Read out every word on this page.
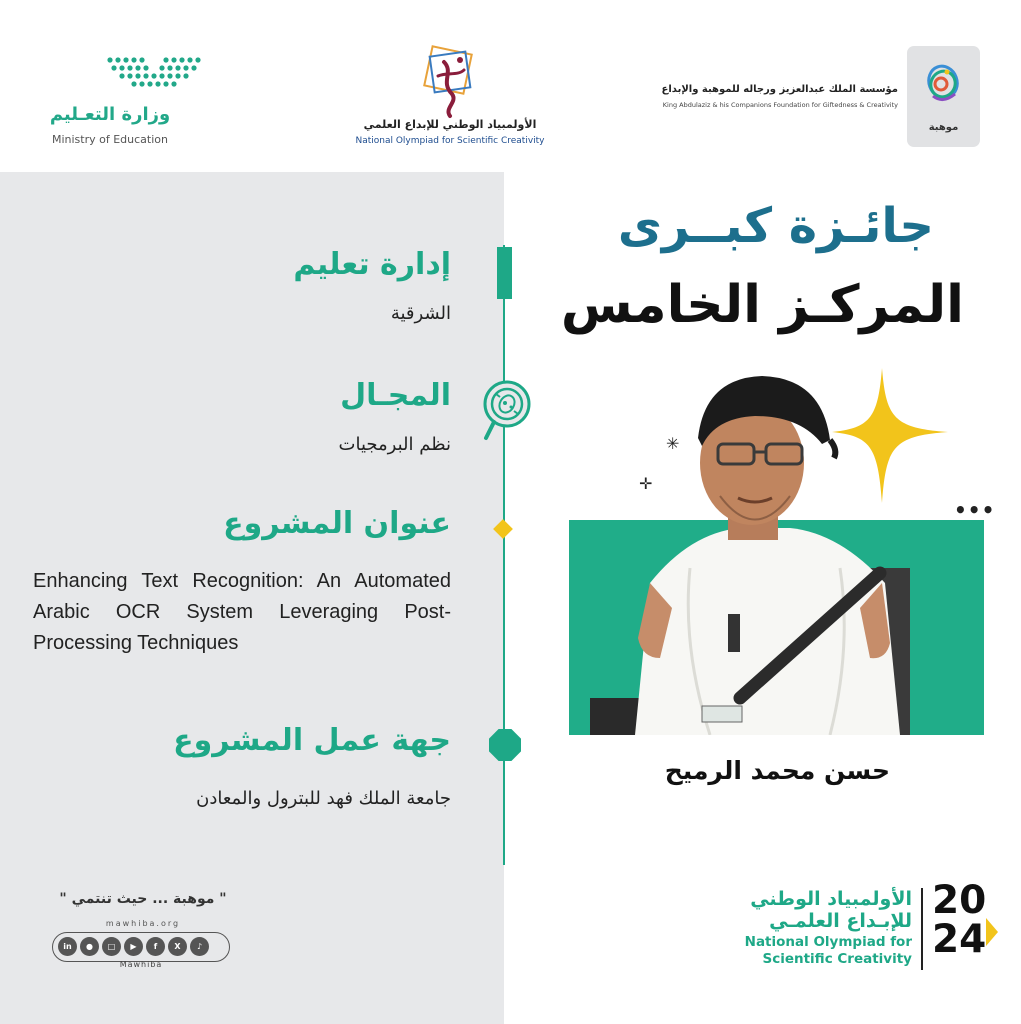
وزارة التعـليم
Ministry of Education
الأولمبياد الوطني للإبداع العلمي
National Olympiad for Scientific Creativity
مؤسسة الملك عبدالعزيز ورجاله للموهبة والإبداع
King Abdulaziz & his Companions Foundation for Giftedness & Creativity
موهبة
إدارة تعليم
الشرقية
المجـال
نظم البرمجيات
عنوان المشروع
Enhancing Text Recognition: An Automated Arabic OCR System Leveraging Post-Processing Techniques
جهة عمل المشروع
جامعة الملك فهد للبترول والمعادن
" موهبة ... حيث تنتمي "
mawhiba.org
in	●	□	▶	f	X	♪
Mawhiba
جائـزة كبــرى
المركـز الخامس
✳
✛
•••
حسن محمد الرميح
الأولمبياد الوطني
للإبـداع العلمـي
National Olympiad for
Scientific Creativity
20
24
